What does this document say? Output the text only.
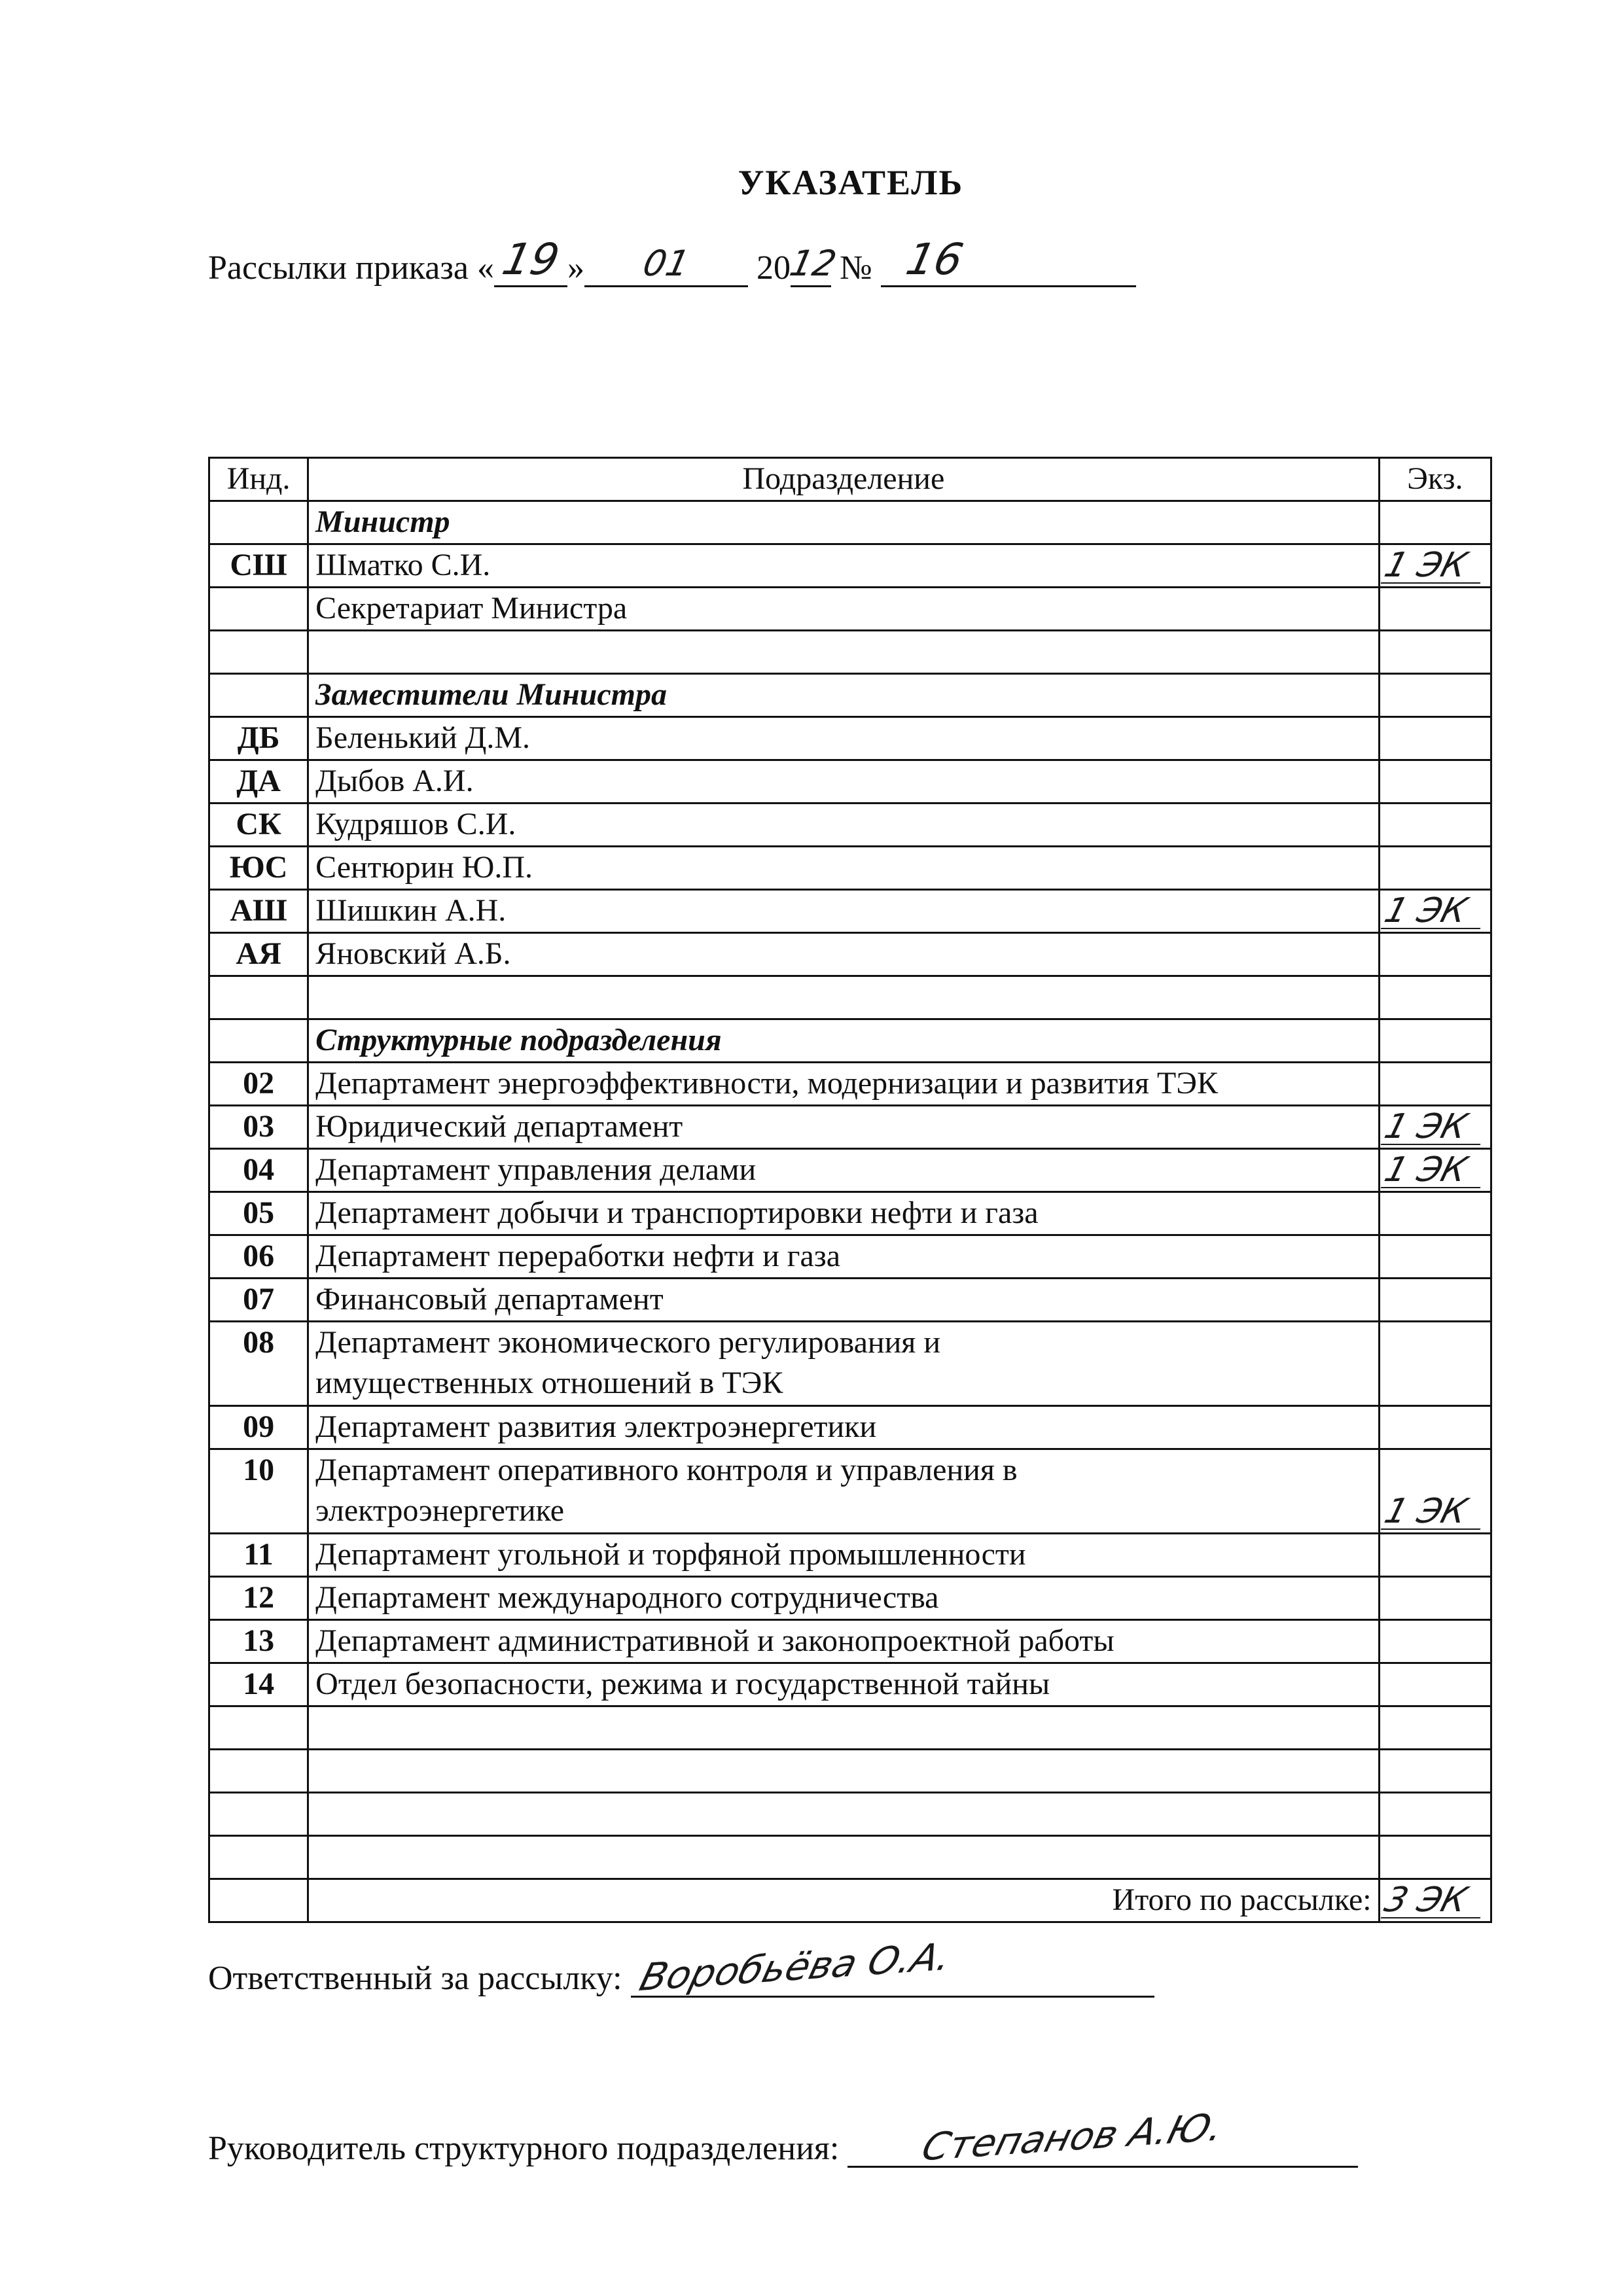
УКАЗАТЕЛЬ
Рассылки приказа « 19 »	01	20
12 № 16
Инд.	Подразделение	Экз.
	Министр	
СШ	Шматко С.И.	1 ЭК

	Секретариат Министра	

	Заместители Министра	
ДБ	Беленький Д.М.	
ДА	Дыбов А.И.	
СК	Кудряшов С.И.	
ЮС	Сентюрин Ю.П.	
АШ	Шишкин А.Н.	1 ЭК

АЯ	Яновский А.Б.	

	Структурные подразделения	
02	Департамент энергоэффективности, модернизации и развития ТЭК	
03	Юридический департамент	1 ЭК

04	Департамент управления делами	1 ЭК

05	Департамент добычи и транспортировки нефти и газа	
06	Департамент переработки нефти и газа	
07	Финансовый департамент	
08	Департамент экономического регулирования и
имущественных отношений в ТЭК	

09	Департамент развития электроэнергетики	
10	Департамент оперативного контроля и управления в
электроэнергетике	1 ЭК

11	Департамент угольной и торфяной промышленности	
12	Департамент международного сотрудничества	
13	Департамент административной и законопроектной работы	
14	Отдел безопасности, режима и государственной тайны	

	Итого по рассылке:	3 ЭК
Ответственный за рассылку: Воробьёва О.А.
Руководитель структурного подразделения: Степанов А.Ю.
